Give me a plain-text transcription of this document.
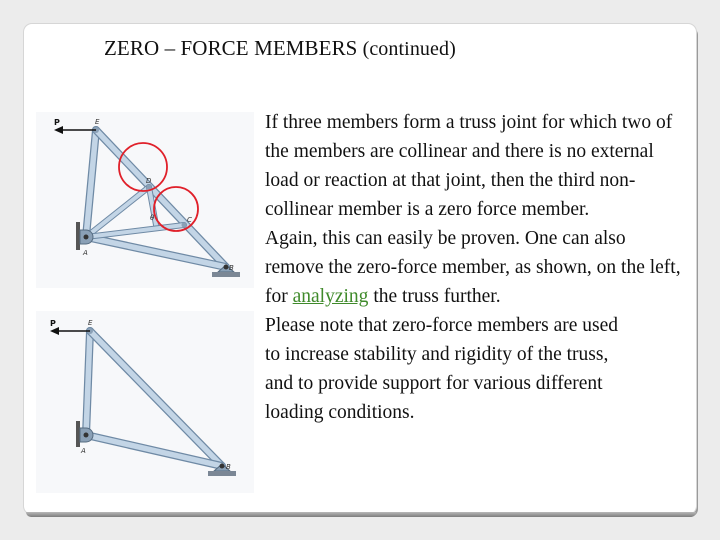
ZERO – FORCE MEMBERS (continued)

If three members form a truss joint for which two of the members are collinear and there is no external load or reaction at that joint, then the third non-collinear member is a zero force member.

Again, this can easily be proven. One can also remove the zero-force member, as shown, on the left, for analyzing the truss further.

Please note that zero-force members are used to increase stability and rigidity of the truss, and to provide support for various different loading conditions.

P	E
D
θ	C
A
B
P	E
A
B
